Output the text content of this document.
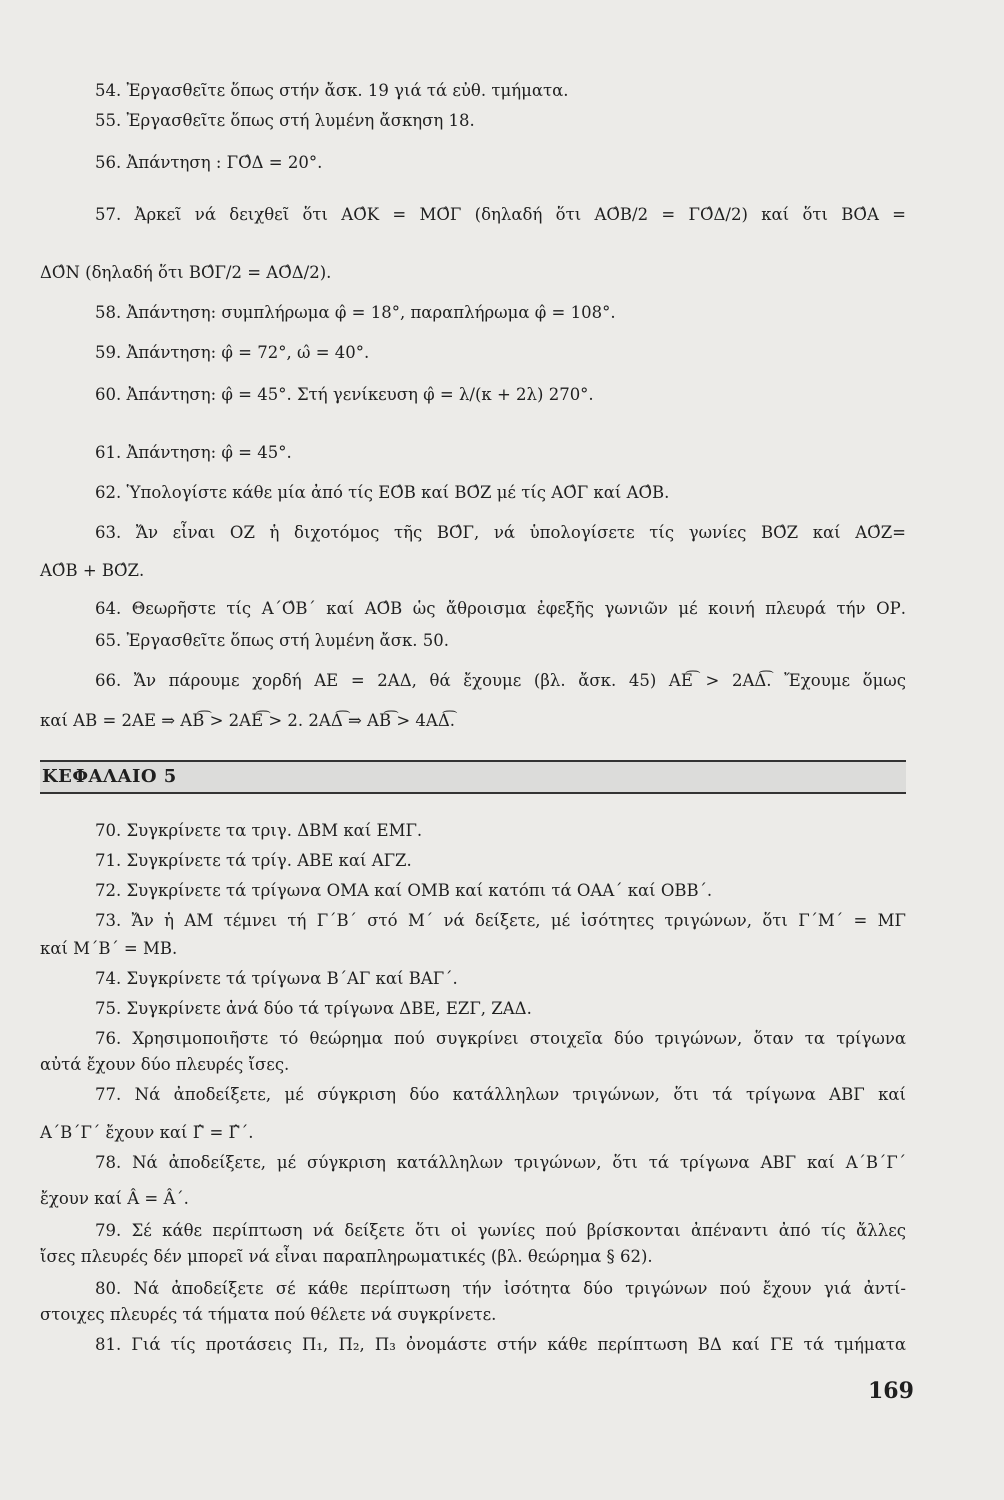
54. Ἐργασθεῖτε ὅπως στήν ἄσκ. 19 γιά τά εὐθ. τμήματα.
55. Ἐργασθεῖτε ὅπως στή λυμένη ἄσκηση 18.
56. Ἀπάντηση : ΓΟ̂Δ = 20°.
57. Ἀρκεῖ νά δειχθεῖ ὅτι ΑΟ̂Κ = ΜΟ̂Γ (δηλαδή ὅτι ΑΟ̂Β/2 = ΓΟ̂Δ/2) καί ὅτι ΒΟ̂Α =
ΔΟ̂Ν (δηλαδή ὅτι ΒΟ̂Γ/2 = ΑΟ̂Δ/2).
58. Ἀπάντηση: συμπλήρωμα φ̂ = 18°, παραπλήρωμα φ̂ = 108°.
59. Ἀπάντηση: φ̂ = 72°, ω̂ = 40°.
60. Ἀπάντηση: φ̂ = 45°. Στή γενίκευση φ̂ = λ/(κ + 2λ) 270°.
61. Ἀπάντηση: φ̂ = 45°.
62. Ὑπολογίστε κάθε μία ἀπό τίς ΕΟ̂Β καί ΒΟ̂Ζ μέ τίς ΑΟ̂Γ καί ΑΟ̂Β.
63. Ἄν εἶναι ΟΖ ἡ διχοτόμος τῆς ΒΟ̂Γ, νά ὑπολογίσετε τίς γωνίες ΒΟ̂Ζ καί ΑΟ̂Ζ=
ΑΟ̂Β + ΒΟ̂Ζ.
64. Θεωρῆστε τίς Α΄Ο̂Β΄ καί ΑΟ̂Β ὡς ἄθροισμα ἐφεξῆς γωνιῶν μέ κοινή πλευρά τήν ΟΡ.
65. Ἐργασθεῖτε ὅπως στή λυμένη ἄσκ. 50.
66. Ἄν πάρουμε χορδή ΑΕ = 2ΑΔ, θά ἔχουμε (βλ. ἄσκ. 45) ΑΕ͡ > 2ΑΔ͡. Ἔχουμε ὅμως
καί ΑΒ = 2ΑΕ ⇒ ΑΒ͡ > 2ΑΕ͡ > 2. 2ΑΔ͡ ⇒ ΑΒ͡ > 4ΑΔ͡.
ΚΕΦΑΛΑΙΟ 5
70. Συγκρίνετε τα τριγ. ΔΒΜ καί ΕΜΓ.
71. Συγκρίνετε τά τρίγ. ΑΒΕ καί ΑΓΖ.
72. Συγκρίνετε τά τρίγωνα ΟΜΑ καί ΟΜΒ καί κατόπι τά ΟΑΑ΄ καί ΟΒΒ΄.
73. Ἄν ἡ ΑΜ τέμνει τή Γ΄Β΄ στό Μ΄ νά δείξετε, μέ ἰσότητες τριγώνων, ὅτι Γ΄Μ΄ = ΜΓ
καί Μ΄Β΄ = ΜΒ.
74. Συγκρίνετε τά τρίγωνα Β΄ΑΓ καί ΒΑΓ΄.
75. Συγκρίνετε ἀνά δύο τά τρίγωνα ΔΒΕ, ΕΖΓ, ΖΑΔ.
76. Χρησιμοποιῆστε τό θεώρημα πού συγκρίνει στοιχεῖα δύο τριγώνων, ὅταν τα τρίγωνα
αὐτά ἔχουν δύο πλευρές ἴσες.
77. Νά ἀποδείξετε, μέ σύγκριση δύο κατάλληλων τριγώνων, ὅτι τά τρίγωνα ΑΒΓ καί
Α΄Β΄Γ΄ ἔχουν καί Γ̂ = Γ̂΄.
78. Νά ἀποδείξετε, μέ σύγκριση κατάλληλων τριγώνων, ὅτι τά τρίγωνα ΑΒΓ καί Α΄Β΄Γ΄
ἔχουν καί Â = Â΄.
79. Σέ κάθε περίπτωση νά δείξετε ὅτι οἱ γωνίες πού βρίσκονται ἀπέναντι ἀπό τίς ἄλλες
ἴσες πλευρές δέν μπορεῖ νά εἶναι παραπληρωματικές (βλ. θεώρημα § 62).
80. Νά ἀποδείξετε σέ κάθε περίπτωση τήν ἰσότητα δύο τριγώνων πού ἔχουν γιά ἀντί-
στοιχες πλευρές τά τήματα πού θέλετε νά συγκρίνετε.
81. Γιά τίς προτάσεις Π₁, Π₂, Π₃ ὀνομάστε στήν κάθε περίπτωση ΒΔ καί ΓΕ τά τμήματα
169
